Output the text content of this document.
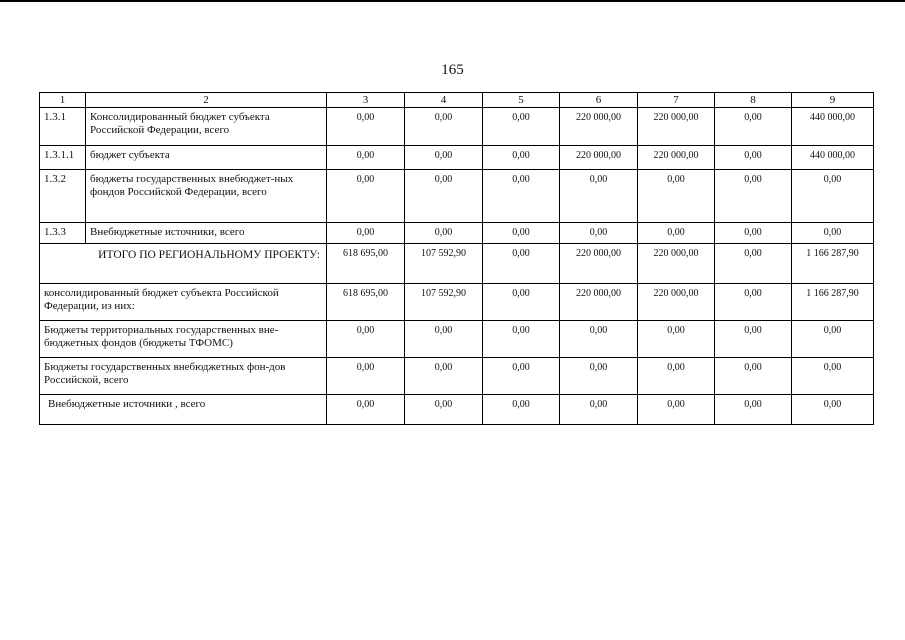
165
1	2	3	4	5	6	7	8	9
1.3.1	Консолидированный бюджет субъекта Российской Федерации, всего	0,00	0,00	0,00	220 000,00	220 000,00	0,00	440 000,00
1.3.1.1	бюджет субъекта	0,00	0,00	0,00	220 000,00	220 000,00	0,00	440 000,00
1.3.2	бюджеты государственных внебюджет-ных фондов Российской Федерации, всего	0,00	0,00	0,00	0,00	0,00	0,00	0,00
1.3.3	Внебюджетные источники, всего	0,00	0,00	0,00	0,00	0,00	0,00	0,00
ИТОГО ПО РЕГИОНАЛЬНОМУ ПРОЕКТУ:		618 695,00	107 592,90	0,00	220 000,00	220 000,00	0,00	1 166 287,90
консолидированный бюджет субъекта Российской Федерации, из них:		618 695,00	107 592,90	0,00	220 000,00	220 000,00	0,00	1 166 287,90
Бюджеты территориальных государственных вне-бюджетных фондов (бюджеты ТФОМС)		0,00	0,00	0,00	0,00	0,00	0,00	0,00
Бюджеты государственных внебюджетных фон-дов Российской, всего		0,00	0,00	0,00	0,00	0,00	0,00	0,00
Внебюджетные источники , всего		0,00	0,00	0,00	0,00	0,00	0,00	0,00
